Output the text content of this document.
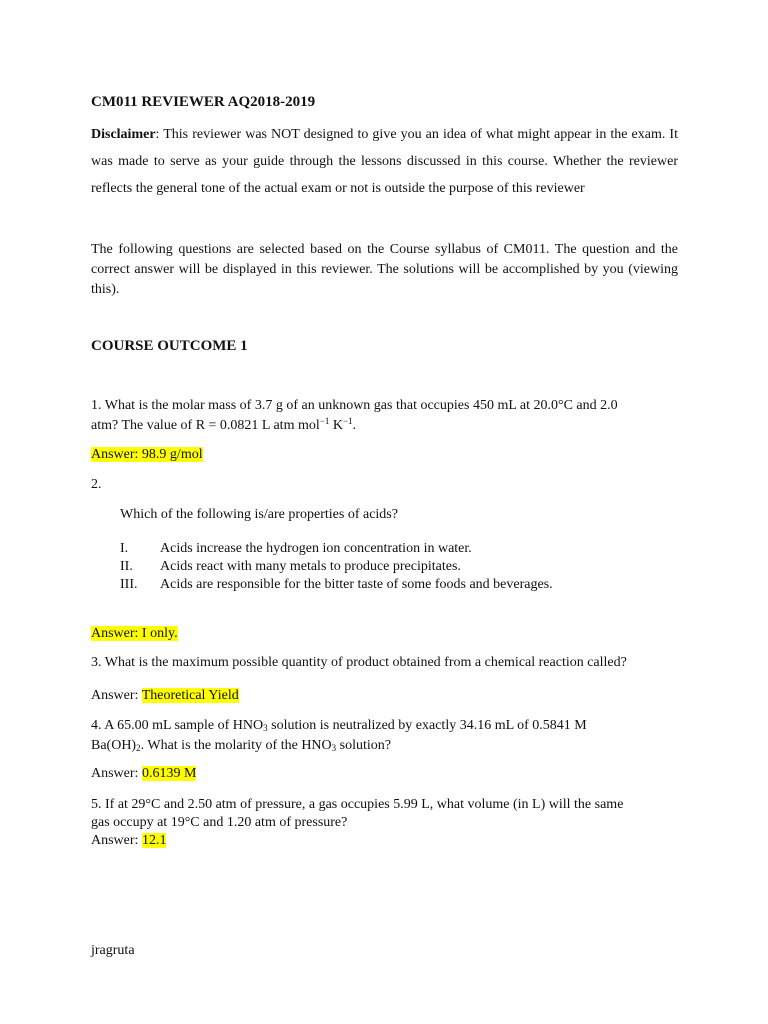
CM011 REVIEWER AQ2018-2019
Disclaimer: This reviewer was NOT designed to give you an idea of what might appear in the exam. It was made to serve as your guide through the lessons discussed in this course. Whether the reviewer reflects the general tone of the actual exam or not is outside the purpose of this reviewer
The following questions are selected based on the Course syllabus of CM011. The question and the correct answer will be displayed in this reviewer. The solutions will be accomplished by you (viewing this).
COURSE OUTCOME 1
1. What is the molar mass of 3.7 g of an unknown gas that occupies 450 mL at 20.0°C and 2.0
atm? The value of R = 0.0821 L atm mol$^{-1}$ $K^{-1}$.
Answer: 98.9 g/mol
2.
Which of the following is/are properties of acids?
I.	Acids increase the hydrogen ion concentration in water.
II.	Acids react with many metals to produce precipitates.
III.	Acids are responsible for the bitter taste of some foods and beverages.
Answer: I only.
3. What is the maximum possible quantity of product obtained from a chemical reaction called?
Answer: Theoretical Yield
4. A 65.00 mL sample of $HNO_3$ solution is neutralized by exactly 34.16 mL of 0.5841 M
$Ba(OH)_2$. What is the molarity of the $HNO_3$ solution?
Answer: 0.6139 M
5. If at 29°C and 2.50 atm of pressure, a gas occupies 5.99 L, what volume (in L) will the same
gas occupy at 19°C and 1.20 atm of pressure?
Answer: 12.1
jragruta
